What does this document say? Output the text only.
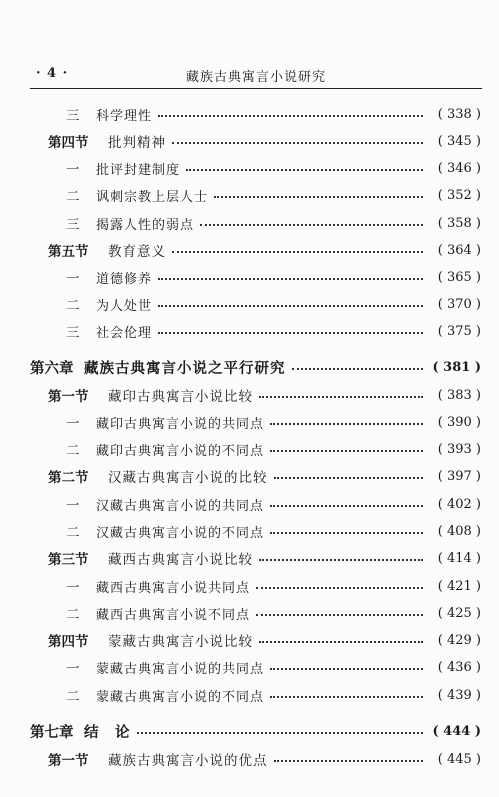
· 4 ·	藏族古典寓言小说研究
三	科学理性	( 338 )
第四节	批判精神	( 345 )
一	批评封建制度	( 346 )
二	讽刺宗教上层人士	( 352 )
三	揭露人性的弱点	( 358 )
第五节	教育意义	( 364 )
一	道德修养	( 365 )
二	为人处世	( 370 )
三	社会伦理	( 375 )
第六章 藏族古典寓言小说之平行研究	( 381 )
第一节	藏印古典寓言小说比较	( 383 )
一	藏印古典寓言小说的共同点	( 390 )
二	藏印古典寓言小说的不同点	( 393 )
第二节	汉藏古典寓言小说的比较	( 397 )
一	汉藏古典寓言小说的共同点	( 402 )
二	汉藏古典寓言小说的不同点	( 408 )
第三节	藏西古典寓言小说比较	( 414 )
一	藏西古典寓言小说共同点	( 421 )
二	藏西古典寓言小说不同点	( 425 )
第四节	蒙藏古典寓言小说比较	( 429 )
一	蒙藏古典寓言小说的共同点	( 436 )
二	蒙藏古典寓言小说的不同点	( 439 )
第七章 结　论	( 444 )
第一节	藏族古典寓言小说的优点	( 445 )
